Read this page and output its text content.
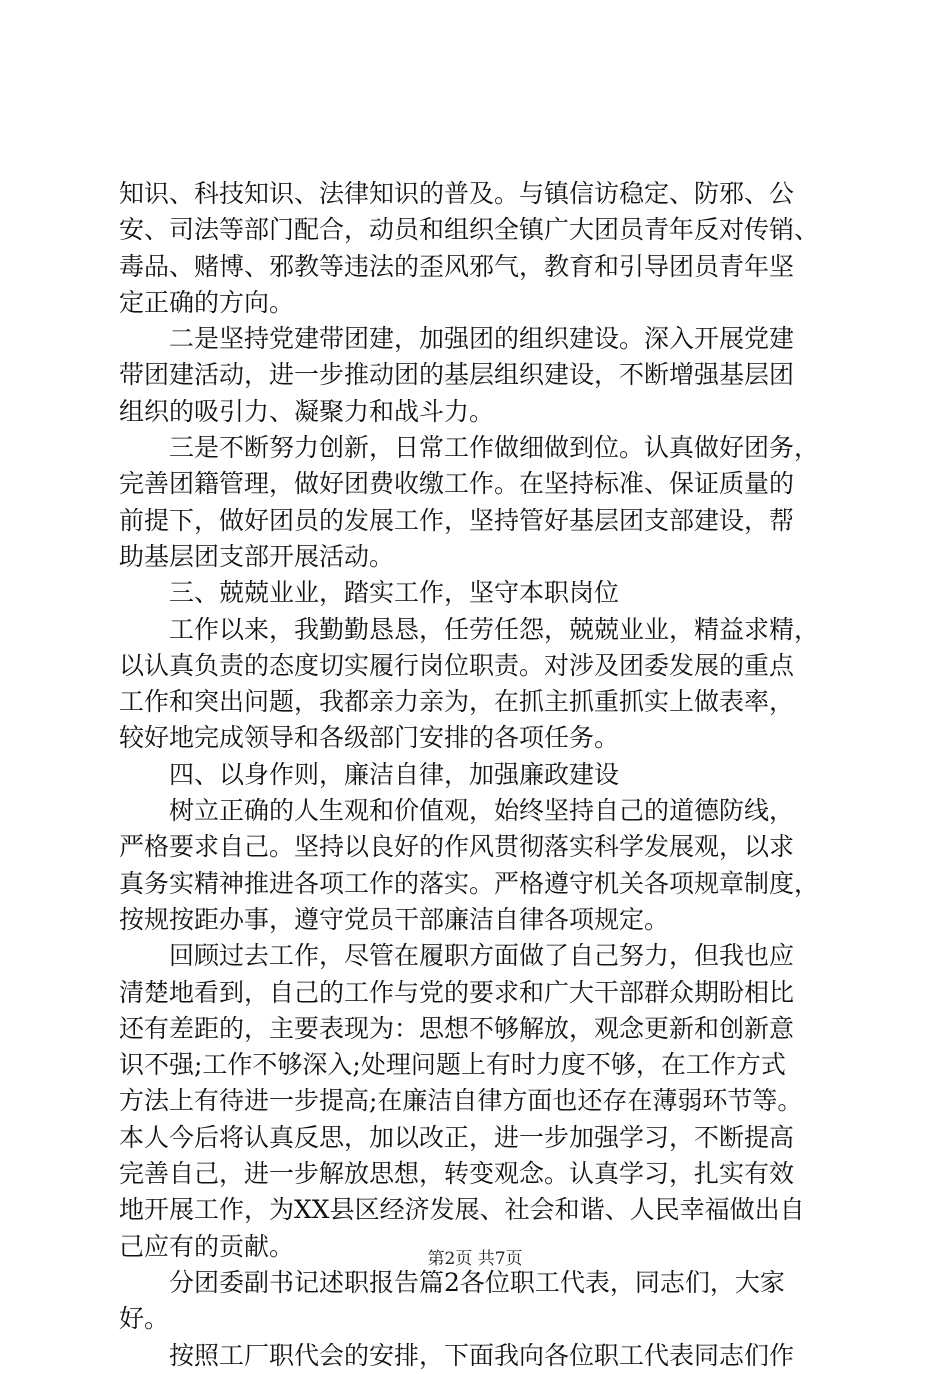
知识、科技知识、法律知识的普及。与镇信访稳定、防邪、公
安、司法等部门配合，动员和组织全镇广大团员青年反对传销、
毒品、赌博、邪教等违法的歪风邪气，教育和引导团员青年坚
定正确的方向。
　　二是坚持党建带团建，加强团的组织建设。深入开展党建
带团建活动，进一步推动团的基层组织建设，不断增强基层团
组织的吸引力、凝聚力和战斗力。
　　三是不断努力创新，日常工作做细做到位。认真做好团务，
完善团籍管理，做好团费收缴工作。在坚持标准、保证质量的
前提下，做好团员的发展工作，坚持管好基层团支部建设，帮
助基层团支部开展活动。
　　三、兢兢业业，踏实工作，坚守本职岗位
　　工作以来，我勤勤恳恳，任劳任怨，兢兢业业，精益求精，
以认真负责的态度切实履行岗位职责。对涉及团委发展的重点
工作和突出问题，我都亲力亲为，在抓主抓重抓实上做表率，
较好地完成领导和各级部门安排的各项任务。
　　四、以身作则，廉洁自律，加强廉政建设
　　树立正确的人生观和价值观，始终坚持自己的道德防线，
严格要求自己。坚持以良好的作风贯彻落实科学发展观，以求
真务实精神推进各项工作的落实。严格遵守机关各项规章制度，
按规按距办事，遵守党员干部廉洁自律各项规定。
　　回顾过去工作，尽管在履职方面做了自己努力，但我也应
清楚地看到，自己的工作与党的要求和广大干部群众期盼相比
还有差距的，主要表现为：思想不够解放，观念更新和创新意
识不强;工作不够深入;处理问题上有时力度不够，在工作方式
方法上有待进一步提高;在廉洁自律方面也还存在薄弱环节等。
本人今后将认真反思，加以改正，进一步加强学习，不断提高
完善自己，进一步解放思想，转变观念。认真学习，扎实有效
地开展工作，为XX县区经济发展、社会和谐、人民幸福做出自
己应有的贡献。
　　分团委副书记述职报告篇2各位职工代表，同志们，大家
好。
　　按照工厂职代会的安排，下面我向各位职工代表同志们作
第2页 共7页
